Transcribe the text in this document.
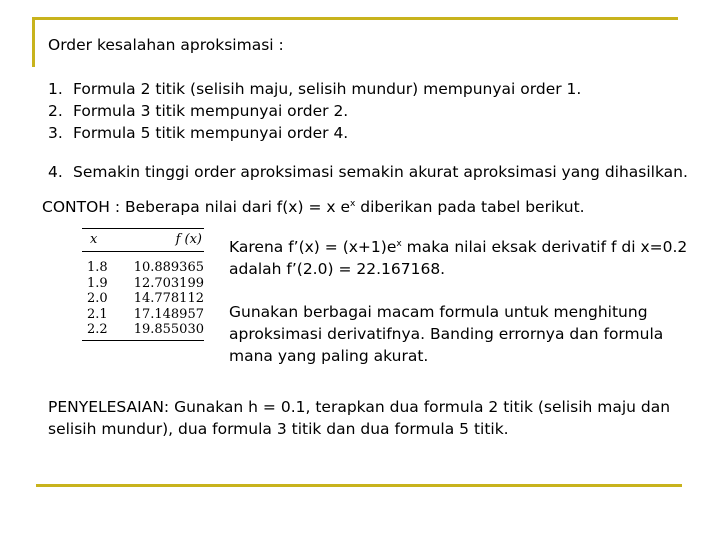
Order kesalahan aproksimasi :
1. Formula 2 titik (selisih maju, selisih mundur) mempunyai order 1.
2. Formula 3 titik mempunyai order 2.
3. Formula 5 titik mempunyai order 4.
4. Semakin tinggi order aproksimasi semakin akurat aproksimasi yang dihasilkan.
CONTOH : Beberapa nilai dari f(x) = x $e^x$ diberikan pada tabel berikut.
x	f (x)
1.8 10.889365
1.9 12.703199
2.0 14.778112
2.1 17.148957
2.2 19.855030
Karena f’(x) = $(x+1)e^x$ maka nilai eksak derivatif f di x=0.2 adalah f’(2.0) = 22.167168.
Gunakan berbagai macam formula untuk menghitung aproksimasi derivatifnya. Banding errornya dan formula mana yang paling akurat.
PENYELESAIAN: Gunakan h = 0.1, terapkan dua formula 2 titik (selisih maju dan selisih mundur), dua formula 3 titik dan dua formula 5 titik.
